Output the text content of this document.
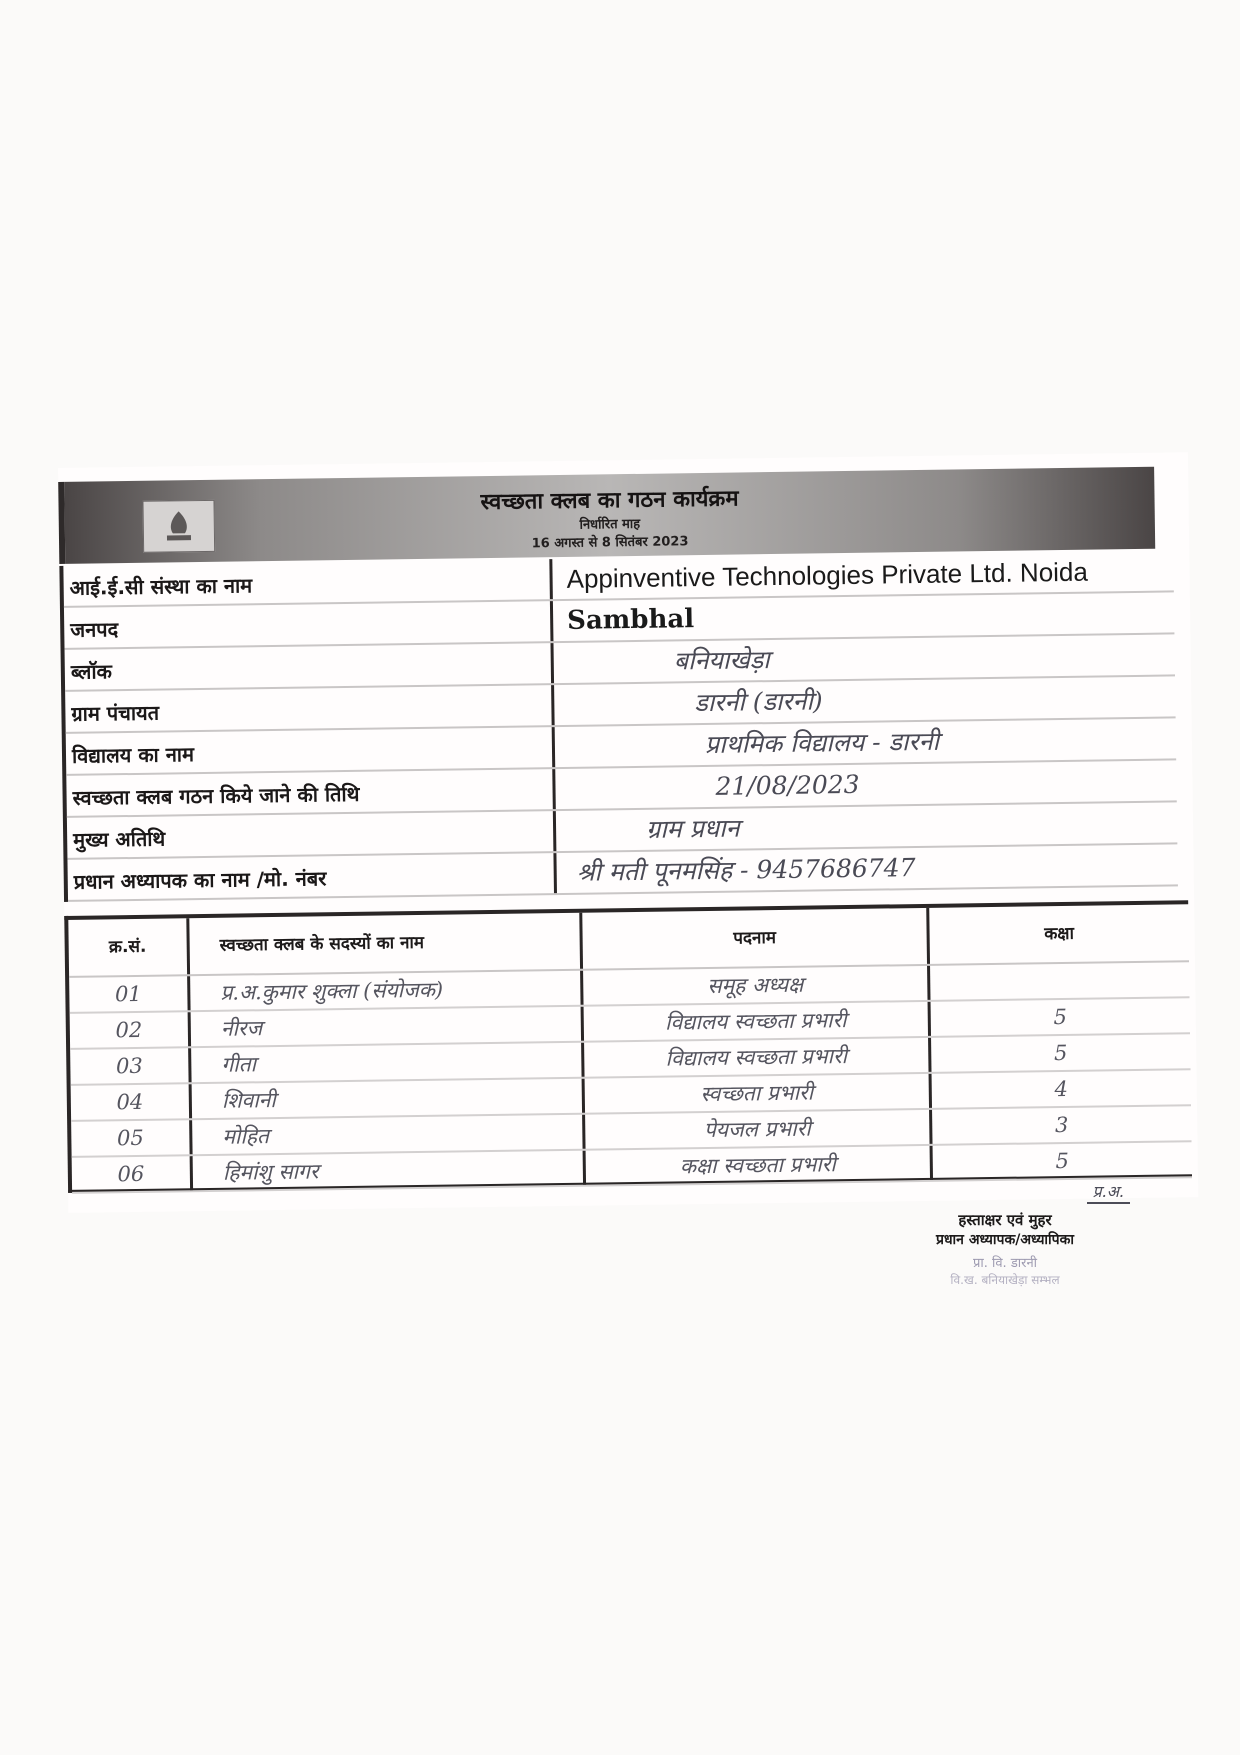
स्वच्छता क्लब का गठन कार्यक्रम
निर्धारित माह
16 अगस्त से 8 सितंबर 2023
आई.ई.सी संस्था का नाम	Appinventive Technologies Private Ltd. Noida
जनपद	Sambhal
ब्लॉक	बनियाखेड़ा
ग्राम पंचायत	डारनी (डारनी)
विद्यालय का नाम	प्राथमिक विद्यालय - डारनी
स्वच्छता क्लब गठन किये जाने की तिथि	21/08/2023
मुख्य अतिथि	ग्राम प्रधान
प्रधान अध्यापक का नाम /मो. नंबर	श्री मती पूनमसिंह - 9457686747
क्र.सं.	स्वच्छता क्लब के सदस्यों का नाम	पदनाम	कक्षा
01	प्र.अ.कुमार शुक्ला (संयोजक)	समूह अध्यक्ष
02	नीरज	विद्यालय स्वच्छता प्रभारी	5
03	गीता	विद्यालय स्वच्छता प्रभारी	5
04	शिवानी	स्वच्छता प्रभारी	4
05	मोहित	पेयजल प्रभारी	3
06	हिमांशु सागर	कक्षा स्वच्छता प्रभारी	5
प्र.अ.
हस्ताक्षर एवं मुहर
प्रधान अध्यापक/अध्यापिका
प्रा. वि. डारनी
वि.ख. बनियाखेड़ा सम्भल
